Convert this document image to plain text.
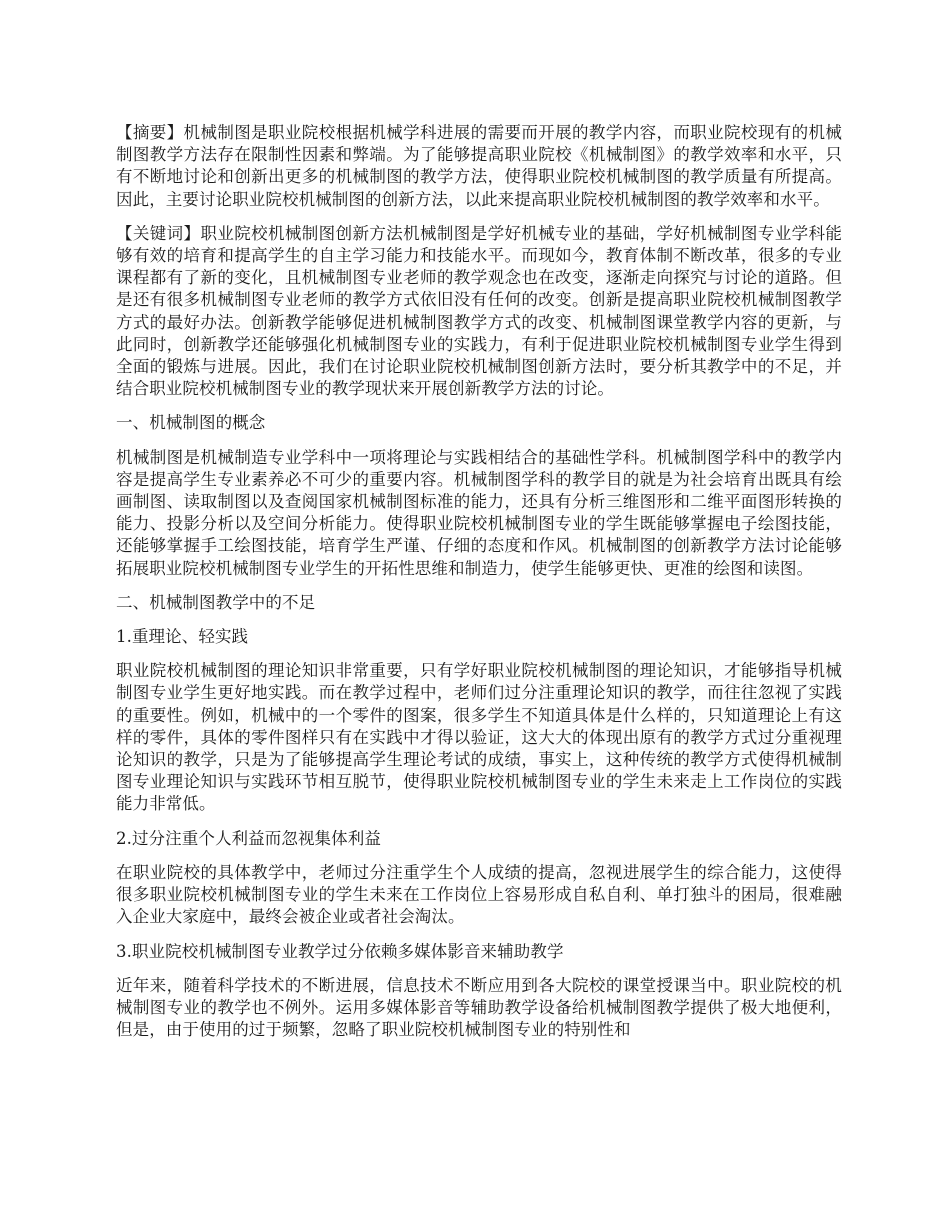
【摘要】机械制图是职业院校根据机械学科进展的需要而开展的教学内容，而职业院校现有的机械制图教学方法存在限制性因素和弊端。为了能够提高职业院校《机械制图》的教学效率和水平，只有不断地讨论和创新出更多的机械制图的教学方法，使得职业院校机械制图的教学质量有所提高。因此，主要讨论职业院校机械制图的创新方法，以此来提高职业院校机械制图的教学效率和水平。

【关键词】职业院校机械制图创新方法机械制图是学好机械专业的基础，学好机械制图专业学科能够有效的培育和提高学生的自主学习能力和技能水平。而现如今，教育体制不断改革，很多的专业课程都有了新的变化，且机械制图专业老师的教学观念也在改变，逐渐走向探究与讨论的道路。但是还有很多机械制图专业老师的教学方式依旧没有任何的改变。创新是提高职业院校机械制图教学方式的最好办法。创新教学能够促进机械制图教学方式的改变、机械制图课堂教学内容的更新，与此同时，创新教学还能够强化机械制图专业的实践力，有利于促进职业院校机械制图专业学生得到全面的锻炼与进展。因此，我们在讨论职业院校机械制图创新方法时，要分析其教学中的不足，并结合职业院校机械制图专业的教学现状来开展创新教学方法的讨论。

一、机械制图的概念

机械制图是机械制造专业学科中一项将理论与实践相结合的基础性学科。机械制图学科中的教学内容是提高学生专业素养必不可少的重要内容。机械制图学科的教学目的就是为社会培育出既具有绘画制图、读取制图以及查阅国家机械制图标准的能力，还具有分析三维图形和二维平面图形转换的能力、投影分析以及空间分析能力。使得职业院校机械制图专业的学生既能够掌握电子绘图技能，还能够掌握手工绘图技能，培育学生严谨、仔细的态度和作风。机械制图的创新教学方法讨论能够拓展职业院校机械制图专业学生的开拓性思维和制造力，使学生能够更快、更准的绘图和读图。

二、机械制图教学中的不足

1.重理论、轻实践

职业院校机械制图的理论知识非常重要，只有学好职业院校机械制图的理论知识，才能够指导机械制图专业学生更好地实践。而在教学过程中，老师们过分注重理论知识的教学，而往往忽视了实践的重要性。例如，机械中的一个零件的图案，很多学生不知道具体是什么样的，只知道理论上有这样的零件，具体的零件图样只有在实践中才得以验证，这大大的体现出原有的教学方式过分重视理论知识的教学，只是为了能够提高学生理论考试的成绩，事实上，这种传统的教学方式使得机械制图专业理论知识与实践环节相互脱节，使得职业院校机械制图专业的学生未来走上工作岗位的实践能力非常低。

2.过分注重个人利益而忽视集体利益

在职业院校的具体教学中，老师过分注重学生个人成绩的提高，忽视进展学生的综合能力，这使得很多职业院校机械制图专业的学生未来在工作岗位上容易形成自私自利、单打独斗的困局，很难融入企业大家庭中，最终会被企业或者社会淘汰。

3.职业院校机械制图专业教学过分依赖多媒体影音来辅助教学

近年来，随着科学技术的不断进展，信息技术不断应用到各大院校的课堂授课当中。职业院校的机械制图专业的教学也不例外。运用多媒体影音等辅助教学设备给机械制图教学提供了极大地便利，但是，由于使用的过于频繁，忽略了职业院校机械制图专业的特别性和
